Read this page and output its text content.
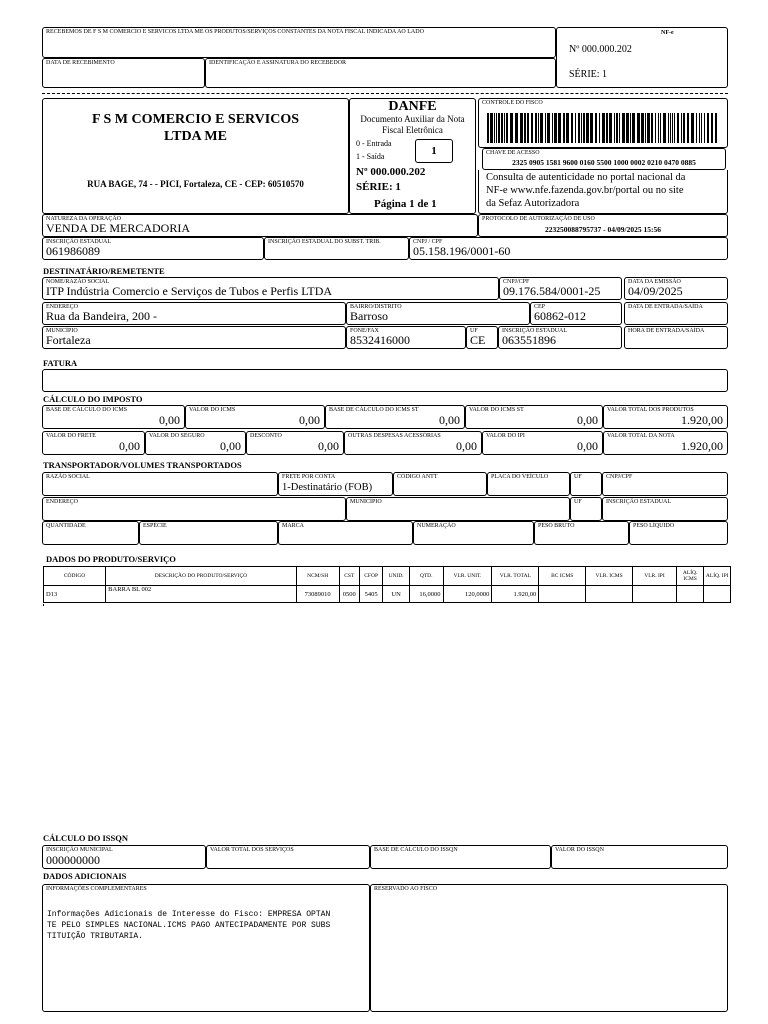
RECEBEMOS DE F S M COMERCIO E SERVICOS LTDA ME OS PRODUTOS/SERVIÇOS CONSTANTES DA NOTA FISCAL INDICADA AO LADO
DATA DE RECEBIMENTO	IDENTIFICAÇÃO E ASSINATURA DO RECEBEDOR
NF-e
Nº 000.000.202
SÉRIE: 1
F S M COMERCIO E SERVICOS
LTDA ME
RUA BAGE, 74 - - PICI, Fortaleza, CE - CEP: 60510570
DANFE
Documento Auxiliar da Nota
Fiscal Eletrônica
0 - Entrada
1 - Saída	1
Nº 000.000.202
SÉRIE: 1
Página 1 de 1
CONTROLE DO FISCO
CHAVE DE ACESSO
2325 0905 1581 9600 0160 5500 1000 0002 0210 0470 0885
Consulta de autenticidade no portal nacional da
NF-e www.nfe.fazenda.gov.br/portal ou no site
da Sefaz Autorizadora
NATUREZA DA OPERAÇÃO
VENDA DE MERCADORIA
PROTOCOLO DE AUTORIZAÇÃO DE USO
223250088795737 - 04/09/2025 15:56
INSCRIÇÃO ESTADUAL
061986089
INSCRIÇÃO ESTADUAL DO SUBST. TRIB.	CNPJ / CPF
05.158.196/0001-60
DESTINATÁRIO/REMETENTE
NOME/RAZÃO SOCIAL
ITP Indústria Comercio e Serviços de Tubos e Perfis LTDA
CNPJ/CPF
09.176.584/0001-25
DATA DA EMISSÃO
04/09/2025
ENDEREÇO
Rua da Bandeira, 200 -
BAIRRO/DISTRITO
Barroso
CEP
60862-012
DATA DE ENTRADA/SAÍDA
MUNICÍPIO
Fortaleza
FONE/FAX
8532416000
UF
CE
INSCRIÇÃO ESTADUAL
063551896
HORA DE ENTRADA/SAÍDA
FATURA
CÁLCULO DO IMPOSTO
BASE DE CÁLCULO DO ICMS
0,00
VALOR DO ICMS
0,00
BASE DE CÁLCULO DO ICMS ST
0,00
VALOR DO ICMS ST
0,00
VALOR TOTAL DOS PRODUTOS
1.920,00
VALOR DO FRETE
0,00
VALOR DO SEGURO
0,00
DESCONTO
0,00
OUTRAS DESPESAS ACESSÓRIAS
0,00
VALOR DO IPI
0,00
VALOR TOTAL DA NOTA
1.920,00
TRANSPORTADOR/VOLUMES TRANSPORTADOS
RAZÃO SOCIAL	FRETE POR CONTA
1-Destinatário (FOB)
CÓDIGO ANTT	PLACA DO VEÍCULO	UF	CNPJ/CPF
ENDEREÇO	MUNICÍPIO	UF	INSCRIÇÃO ESTADUAL
QUANTIDADE	ESPÉCIE	MARCA	NUMERAÇÃO	PESO BRUTO	PESO LÍQUIDO
DADOS DO PRODUTO/SERVIÇO
CÓDIGO	DESCRIÇÃO DO PRODUTO/SERVIÇO	NCM/SH	CST	CFOP	UNID.	QTD.	VLR. UNIT.	VLR. TOTAL	BC ICMS	VLR. ICMS	VLR. IPI	ALÍQ. ICMS	ALÍQ. IPI
D13	BARRA BL 002	73089010	0500	5405	UN	16,0000	120,0000	1.920,00					
CÁLCULO DO ISSQN
INSCRIÇÃO MUNICIPAL
000000000
VALOR TOTAL DOS SERVIÇOS	BASE DE CÁLCULO DO ISSQN	VALOR DO ISSQN
DADOS ADICIONAIS
INFORMAÇÕES COMPLEMENTARES
Informações Adicionais de Interesse do Fisco: EMPRESA OPTAN
TE PELO SIMPLES NACIONAL.ICMS PAGO ANTECIPADAMENTE POR SUBS
TITUIÇÃO TRIBUTARIA.
RESERVADO AO FISCO
